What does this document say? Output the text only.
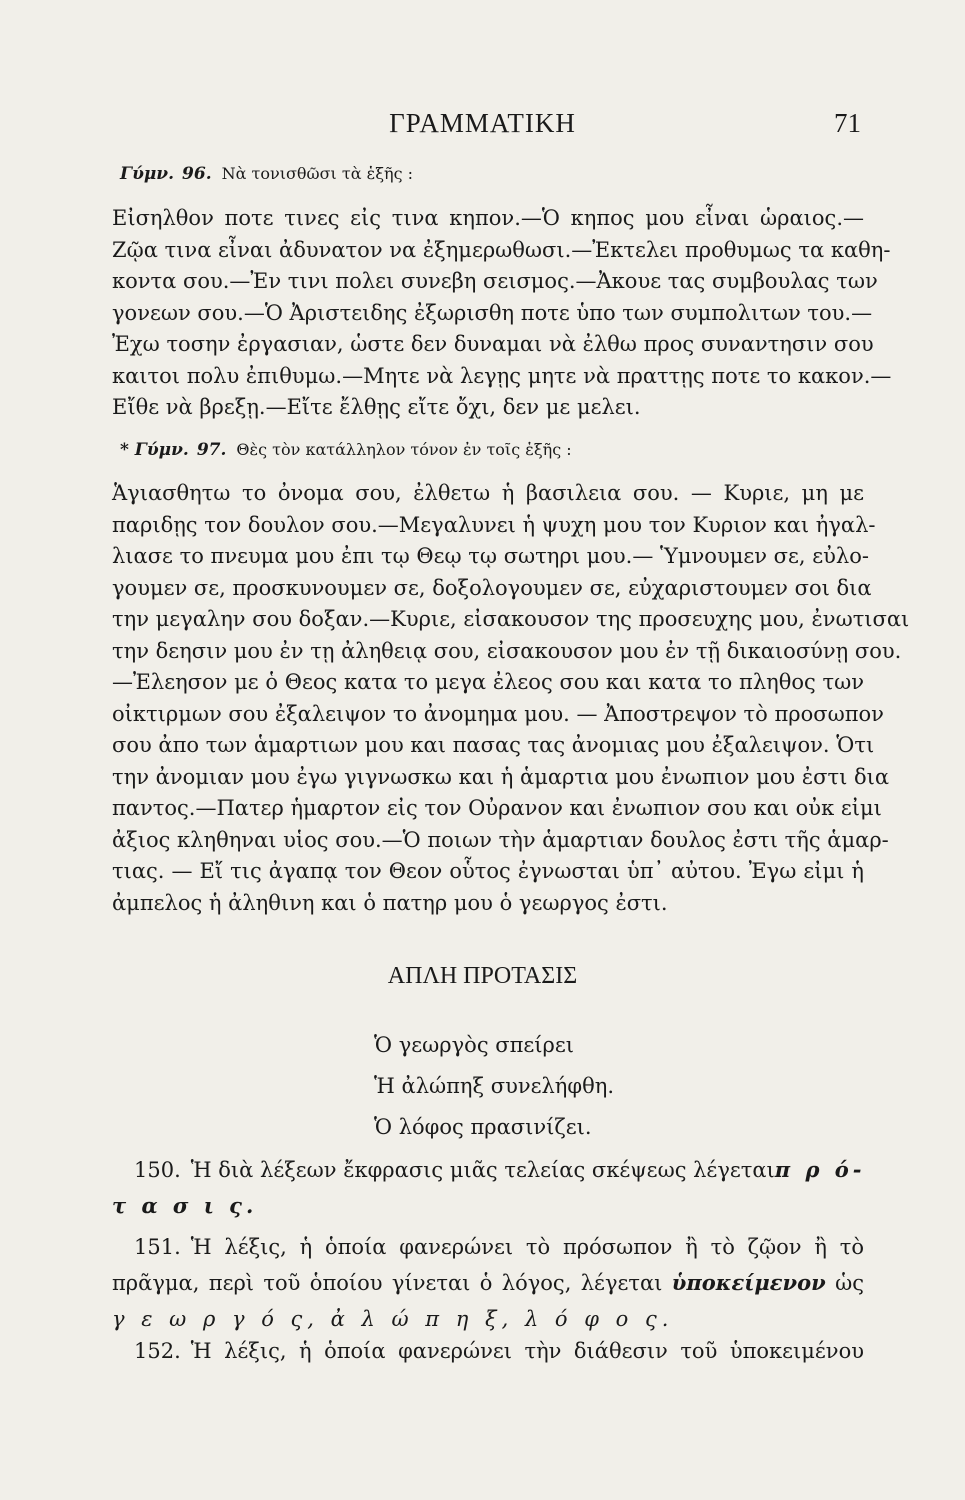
ΓΡΑΜΜΑΤΙΚΗ	71
Γύμν. 96. Νὰ τονισθῶσι τὰ ἑξῆς :
Εἰσηλθον ποτε τινες εἰς τινα κηπον.—Ὁ κηπος μου εἶναι ὡραιος.—
Ζῷα τινα εἶναι ἀδυνατον να ἐξημερωθωσι.—Ἐκτελει προθυμως τα καθη-
κοντα σου.—Ἐν τινι πολει συνεβη σεισμος.—Ἀκουε τας συμβουλας των
γονεων σου.—Ὁ Ἀριστειδης ἐξωρισθη ποτε ὑπο των συμπολιτων του.—
Ἐχω τοσην ἐργασιαν, ὡστε δεν δυναμαι νὰ ἐλθω προς συναντησιν σου
καιτοι πολυ ἐπιθυμω.—Μητε νὰ λεγῃς μητε νὰ πραττῃς ποτε το κακον.—
Εἴθε νὰ βρεξῃ.—Εἴτε ἔλθῃς εἴτε ὄχι, δεν με μελει.
* Γύμν. 97. Θὲς τὸν κατάλληλον τόνον ἐν τοῖς ἑξῆς :
Ἁγιασθητω το ὀνομα σου, ἐλθετω ἡ βασιλεια σου. — Κυριε, μη με
παριδῃς τον δουλον σου.—Μεγαλυνει ἡ ψυχη μου τον Κυριον και ἠγαλ-
λιασε το πνευμα μου ἐπι τῳ Θεῳ τῳ σωτηρι μου.— Ὑμνουμεν σε, εὐλο-
γουμεν σε, προσκυνουμεν σε, δοξολογουμεν σε, εὐχαριστουμεν σοι δια
την μεγαλην σου δοξαν.—Κυριε, εἰσακουσον της προσευχης μου, ἐνωτισαι
την δεησιν μου ἐν τῃ ἀληθειᾳ σου, εἰσακουσον μου ἐν τῇ δικαιοσύνῃ σου.
—Ἐλεησον με ὁ Θεος κατα το μεγα ἐλεος σου και κατα το πληθος των
οἰκτιρμων σου ἐξαλειψον το ἀνομημα μου. — Ἀποστρεψον τὸ προσωπον
σου ἀπο των ἁμαρτιων μου και πασας τας ἀνομιας μου ἐξαλειψον. Ὁτι
την ἀνομιαν μου ἐγω γιγνωσκω και ἡ ἁμαρτια μου ἐνωπιον μου ἐστι δια
παντος.—Πατερ ἡμαρτον εἰς τον Οὐρανον και ἐνωπιον σου και οὐκ εἰμι
ἀξιος κληθηναι υἱος σου.—Ὁ ποιων τὴν ἁμαρτιαν δουλος ἐστι τῆς ἁμαρ-
τιας. — Εἴ τις ἀγαπᾳ τον Θεον οὗτος ἐγνωσται ὑπ᾿ αὐτου. Ἐγω εἰμι ἡ
ἀμπελος ἡ ἀληθινη και ὁ πατηρ μου ὁ γεωργος ἐστι.
ΑΠΛΗ ΠΡΟΤΑΣΙΣ
Ὁ γεωργὸς σπείρει
Ἡ ἀλώπηξ συνελήφθη.
Ὁ λόφος πρασινίζει.
150. Ἡ διὰ λέξεων ἔκφρασις μιᾶς τελείας σκέψεως λέγεταιπ ρ ό-
τ α σ ι ς.
151. Ἡ λέξις, ἡ ὁποία φανερώνει τὸ πρόσωπον ἢ τὸ ζῷον ἢ τὸ
πρᾶγμα, περὶ τοῦ ὁποίου γίνεται ὁ λόγος, λέγεται ὑποκείμενον ὡς
γ ε ω ρ γ ό ς, ἀ λ ώ π η ξ, λ ό φ ο ς.
152. Ἡ λέξις, ἡ ὁποία φανερώνει τὴν διάθεσιν τοῦ ὑποκειμένου
